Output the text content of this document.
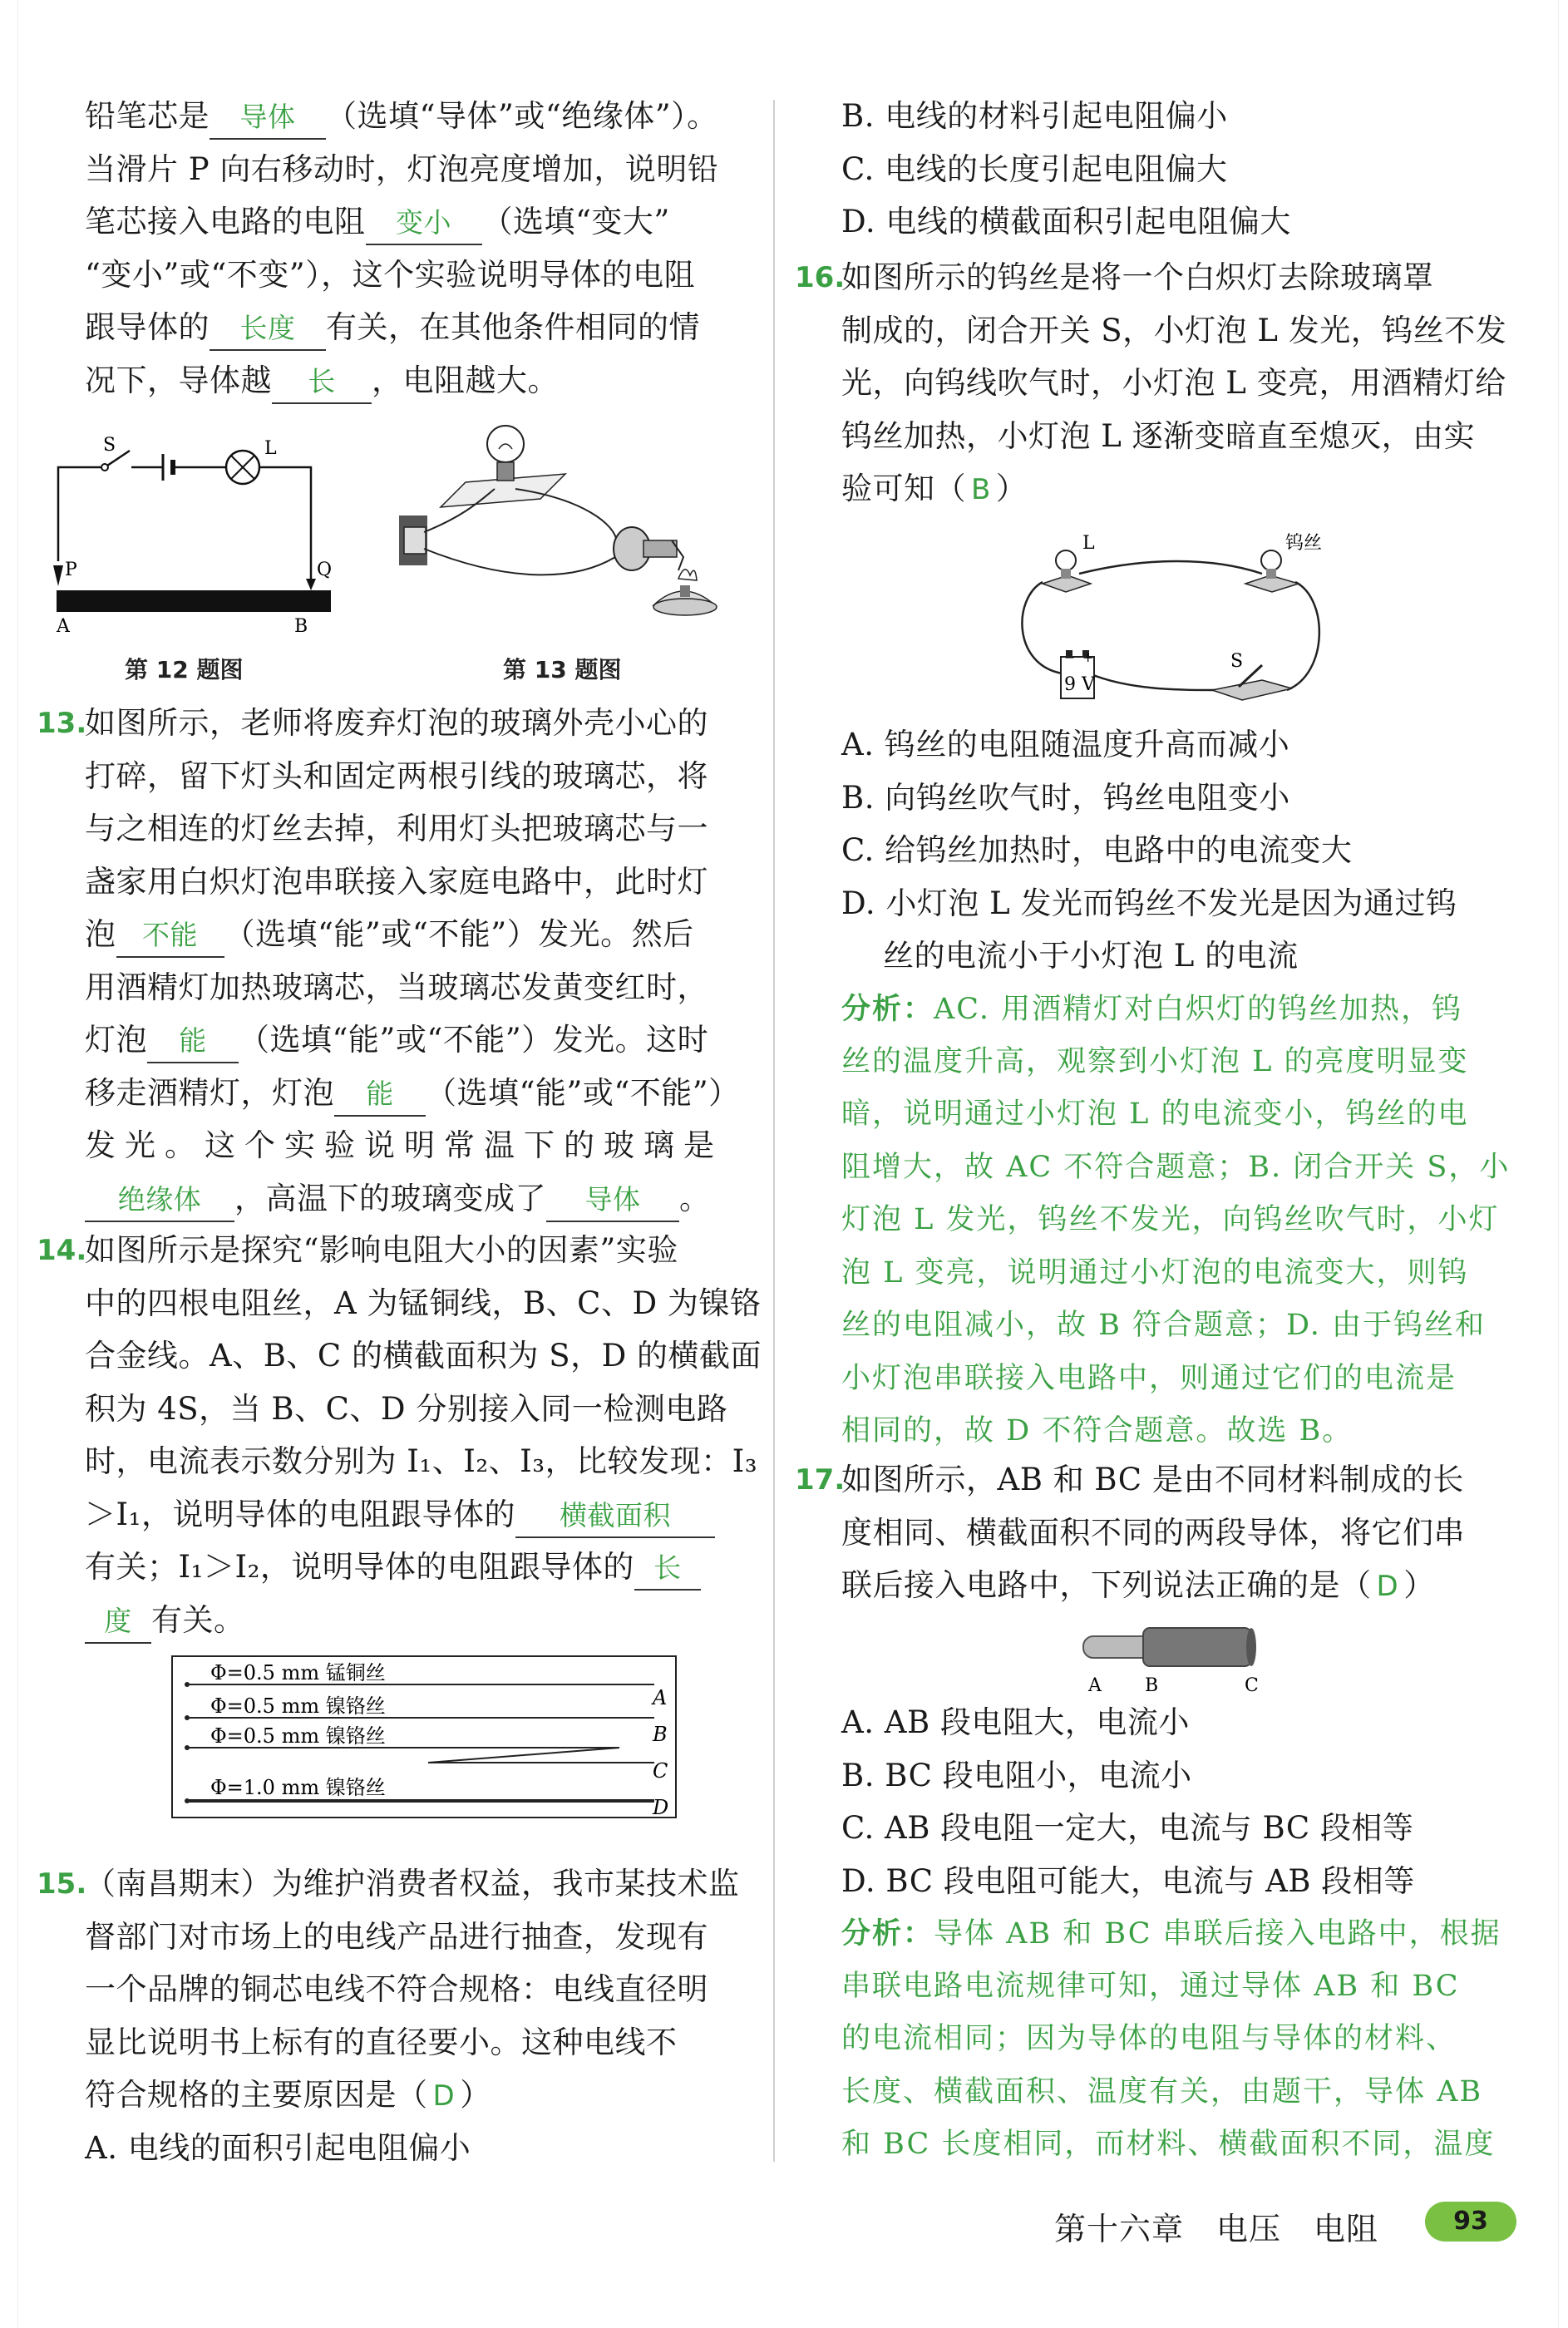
铅笔芯是 导体 （选填“导体”或“绝缘体”）。
当滑片 P 向右移动时，灯泡亮度增加，说明铅
笔芯接入电路的电阻 变小 （选填“变大”
“变小”或“不变”），这个实验说明导体的电阻
跟导体的 长度 有关，在其他条件相同的情
况下，导体越 长 ，电阻越大。
S	L
P	Q
A	B
第 12 题图	第 13 题图
13.
如图所示，老师将废弃灯泡的玻璃外壳小心的
打碎，留下灯头和固定两根引线的玻璃芯，将
与之相连的灯丝去掉，利用灯头把玻璃芯与一
盏家用白炽灯泡串联接入家庭电路中，此时灯
泡 不能 （选填“能”或“不能”）发光。然后
用酒精灯加热玻璃芯，当玻璃芯发黄变红时，
灯泡 能 （选填“能”或“不能”）发光。这时
移走酒精灯，灯泡 能 （选填“能”或“不能”）
发光。这个实验说明常温下的玻璃是
绝缘体 ，高温下的玻璃变成了 导体 。
14.
如图所示是探究“影响电阻大小的因素”实验
中的四根电阻丝，A 为锰铜线，B、C、D 为镍铬
合金线。A、B、C 的横截面积为 S，D 的横截面
积为 4S，当 B、C、D 分别接入同一检测电路
时，电流表示数分别为 I₁、I₂、I₃，比较发现：I₃
＞I₁，说明导体的电阻跟导体的 横截面积
有关；I₁＞I₂，说明导体的电阻跟导体的 长
度 有关。
Φ=0.5 mm 锰铜丝
A
Φ=0.5 mm 镍铬丝
B
Φ=0.5 mm 镍铬丝
C
Φ=1.0 mm 镍铬丝
D
15.
（南昌期末）为维护消费者权益，我市某技术监
督部门对市场上的电线产品进行抽查，发现有
一个品牌的铜芯电线不符合规格：电线直径明
显比说明书上标有的直径要小。这种电线不
符合规格的主要原因是（ D ）
A. 电线的面积引起电阻偏小
B. 电线的材料引起电阻偏小
C. 电线的长度引起电阻偏大
D. 电线的横截面积引起电阻偏大
16.
如图所示的钨丝是将一个白炽灯去除玻璃罩
制成的，闭合开关 S，小灯泡 L 发光，钨丝不发
光，向钨线吹气时，小灯泡 L 变亮，用酒精灯给
钨丝加热，小灯泡 L 逐渐变暗直至熄灭，由实
验可知（ B ）
L	钨丝
S
− +
9 V
A. 钨丝的电阻随温度升高而减小
B. 向钨丝吹气时，钨丝电阻变小
C. 给钨丝加热时，电路中的电流变大
D. 小灯泡 L 发光而钨丝不发光是因为通过钨
丝的电流小于小灯泡 L 的电流
分析：AC. 用酒精灯对白炽灯的钨丝加热，钨
丝的温度升高，观察到小灯泡 L 的亮度明显变
暗，说明通过小灯泡 L 的电流变小，钨丝的电
阻增大，故 AC 不符合题意；B. 闭合开关 S，小
灯泡 L 发光，钨丝不发光，向钨丝吹气时，小灯
泡 L 变亮，说明通过小灯泡的电流变大，则钨
丝的电阻减小，故 B 符合题意；D. 由于钨丝和
小灯泡串联接入电路中，则通过它们的电流是
相同的，故 D 不符合题意。故选 B。
17.
如图所示，AB 和 BC 是由不同材料制成的长
度相同、横截面积不同的两段导体，将它们串
联后接入电路中，下列说法正确的是（ D ）
A B	C
A. AB 段电阻大，电流小
B. BC 段电阻小，电流小
C. AB 段电阻一定大，电流与 BC 段相等
D. BC 段电阻可能大，电流与 AB 段相等
分析：导体 AB 和 BC 串联后接入电路中，根据
串联电路电流规律可知，通过导体 AB 和 BC
的电流相同；因为导体的电阻与导体的材料、
长度、横截面积、温度有关，由题干，导体 AB
和 BC 长度相同，而材料、横截面积不同，温度
第十六章　电压　电阻	93
